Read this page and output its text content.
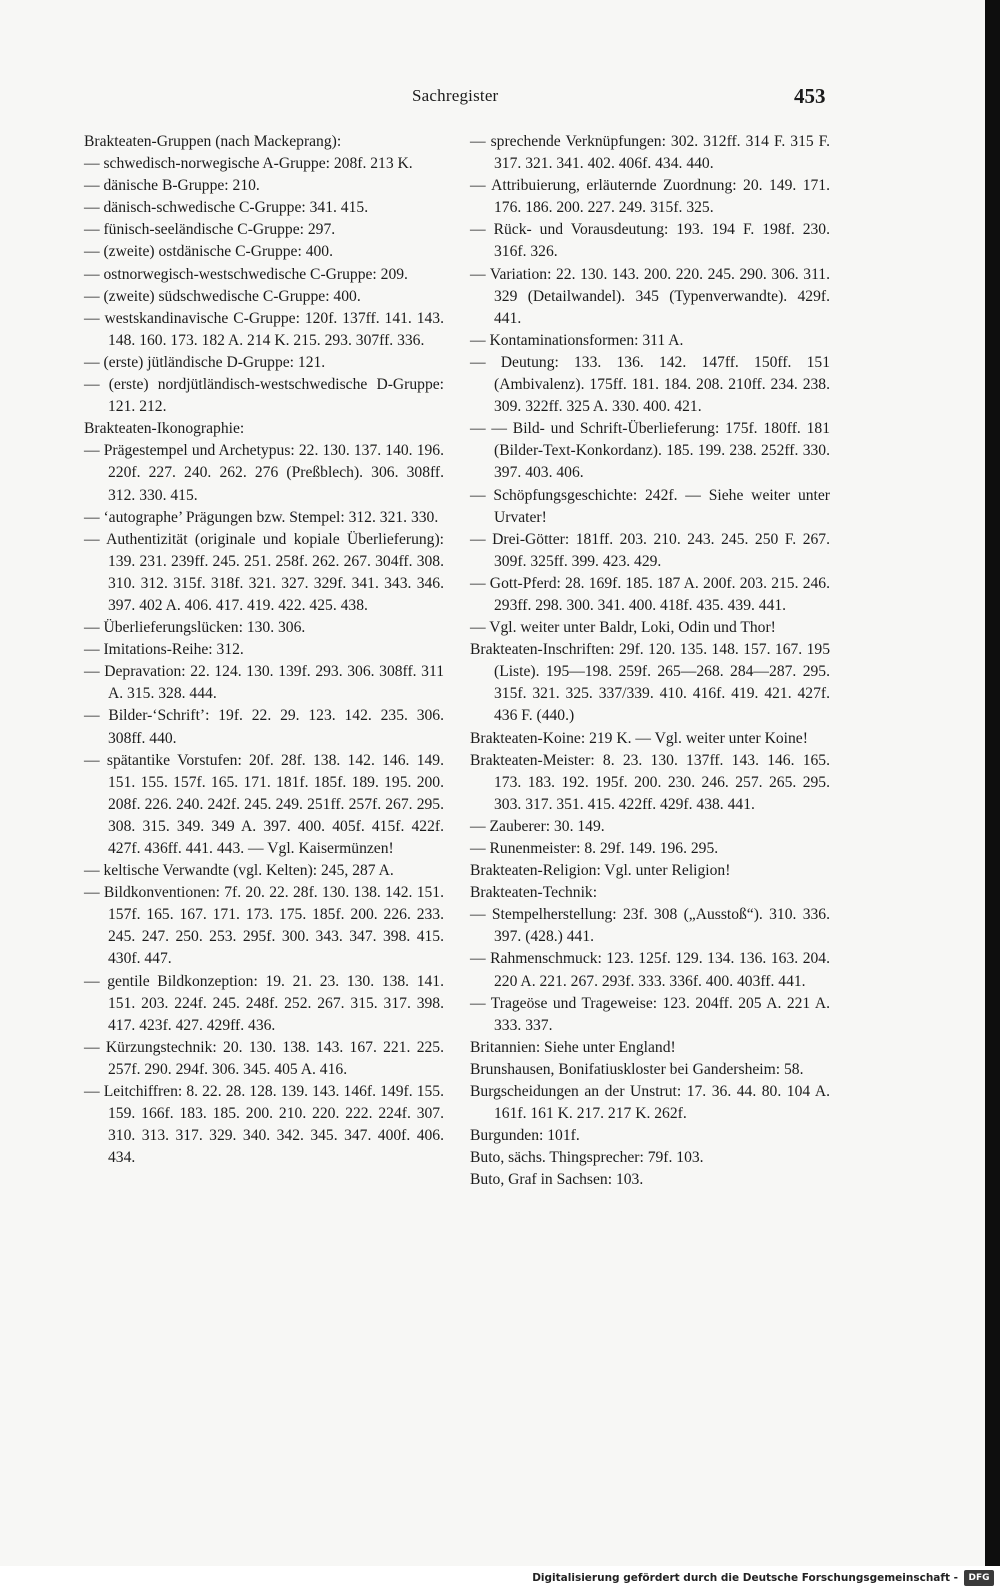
Sachregister	453

Brakteaten-Gruppen (nach Mackeprang):

— schwedisch-norwegische A-Gruppe: 208f. 213 K.

— dänische B-Gruppe: 210.

— dänisch-schwedische C-Gruppe: 341. 415.

— fünisch-seeländische C-Gruppe: 297.

— (zweite) ostdänische C-Gruppe: 400.

— ostnorwegisch-westschwedische C-Gruppe: 209.

— (zweite) südschwedische C-Gruppe: 400.

— westskandinavische C-Gruppe: 120f. 137ff. 141. 143. 148. 160. 173. 182 A. 214 K. 215. 293. 307ff. 336.

— (erste) jütländische D-Gruppe: 121.

— (erste) nordjütländisch-westschwedische D-Gruppe: 121. 212.

Brakteaten-Ikonographie:

— Prägestempel und Archetypus: 22. 130. 137. 140. 196. 220f. 227. 240. 262. 276 (Preßblech). 306. 308ff. 312. 330. 415.

— ‘autographe’ Prägungen bzw. Stempel: 312. 321. 330.

— Authentizität (originale und kopiale Überlieferung): 139. 231. 239ff. 245. 251. 258f. 262. 267. 304ff. 308. 310. 312. 315f. 318f. 321. 327. 329f. 341. 343. 346. 397. 402 A. 406. 417. 419. 422. 425. 438.

— Überlieferungslücken: 130. 306.

— Imitations-Reihe: 312.

— Depravation: 22. 124. 130. 139f. 293. 306. 308ff. 311 A. 315. 328. 444.

— Bilder-‘Schrift’: 19f. 22. 29. 123. 142. 235. 306. 308ff. 440.

— spätantike Vorstufen: 20f. 28f. 138. 142. 146. 149. 151. 155. 157f. 165. 171. 181f. 185f. 189. 195. 200. 208f. 226. 240. 242f. 245. 249. 251ff. 257f. 267. 295. 308. 315. 349. 349 A. 397. 400. 405f. 415f. 422f. 427f. 436ff. 441. 443. — Vgl. Kaisermünzen!

— keltische Verwandte (vgl. Kelten): 245, 287 A.

— Bildkonventionen: 7f. 20. 22. 28f. 130. 138. 142. 151. 157f. 165. 167. 171. 173. 175. 185f. 200. 226. 233. 245. 247. 250. 253. 295f. 300. 343. 347. 398. 415. 430f. 447.

— gentile Bildkonzeption: 19. 21. 23. 130. 138. 141. 151. 203. 224f. 245. 248f. 252. 267. 315. 317. 398. 417. 423f. 427. 429ff. 436.

— Kürzungstechnik: 20. 130. 138. 143. 167. 221. 225. 257f. 290. 294f. 306. 345. 405 A. 416.

— Leitchiffren: 8. 22. 28. 128. 139. 143. 146f. 149f. 155. 159. 166f. 183. 185. 200. 210. 220. 222. 224f. 307. 310. 313. 317. 329. 340. 342. 345. 347. 400f. 406. 434.

— sprechende Verknüpfungen: 302. 312ff. 314 F. 315 F. 317. 321. 341. 402. 406f. 434. 440.

— Attribuierung, erläuternde Zuordnung: 20. 149. 171. 176. 186. 200. 227. 249. 315f. 325.

— Rück- und Vorausdeutung: 193. 194 F. 198f. 230. 316f. 326.

— Variation: 22. 130. 143. 200. 220. 245. 290. 306. 311. 329 (Detailwandel). 345 (Typenverwandte). 429f. 441.

— Kontaminationsformen: 311 A.

— Deutung: 133. 136. 142. 147ff. 150ff. 151 (Ambivalenz). 175ff. 181. 184. 208. 210ff. 234. 238. 309. 322ff. 325 A. 330. 400. 421.

— — Bild- und Schrift-Überlieferung: 175f. 180ff. 181 (Bilder-Text-Konkordanz). 185. 199. 238. 252ff. 330. 397. 403. 406.

— Schöpfungsgeschichte: 242f. — Siehe weiter unter Urvater!

— Drei-Götter: 181ff. 203. 210. 243. 245. 250 F. 267. 309f. 325ff. 399. 423. 429.

— Gott-Pferd: 28. 169f. 185. 187 A. 200f. 203. 215. 246. 293ff. 298. 300. 341. 400. 418f. 435. 439. 441.

— Vgl. weiter unter Baldr, Loki, Odin und Thor!

Brakteaten-Inschriften: 29f. 120. 135. 148. 157. 167. 195 (Liste). 195—198. 259f. 265—268. 284—287. 295. 315f. 321. 325. 337/339. 410. 416f. 419. 421. 427f. 436 F. (440.)

Brakteaten-Koine: 219 K. — Vgl. weiter unter Koine!

Brakteaten-Meister: 8. 23. 130. 137ff. 143. 146. 165. 173. 183. 192. 195f. 200. 230. 246. 257. 265. 295. 303. 317. 351. 415. 422ff. 429f. 438. 441.

— Zauberer: 30. 149.

— Runenmeister: 8. 29f. 149. 196. 295.

Brakteaten-Religion: Vgl. unter Religion!

Brakteaten-Technik:

— Stempelherstellung: 23f. 308 („Ausstoß“). 310. 336. 397. (428.) 441.

— Rahmenschmuck: 123. 125f. 129. 134. 136. 163. 204. 220 A. 221. 267. 293f. 333. 336f. 400. 403ff. 441.

— Trageöse und Trageweise: 123. 204ff. 205 A. 221 A. 333. 337.

Britannien: Siehe unter England!

Brunshausen, Bonifatiuskloster bei Gandersheim: 58.

Burgscheidungen an der Unstrut: 17. 36. 44. 80. 104 A. 161f. 161 K. 217. 217 K. 262f.

Burgunden: 101f.

Buto, sächs. Thingsprecher: 79f. 103.

Buto, Graf in Sachsen: 103.

Digitalisierung gefördert durch die Deutsche Forschungsgemeinschaft -	DFG
